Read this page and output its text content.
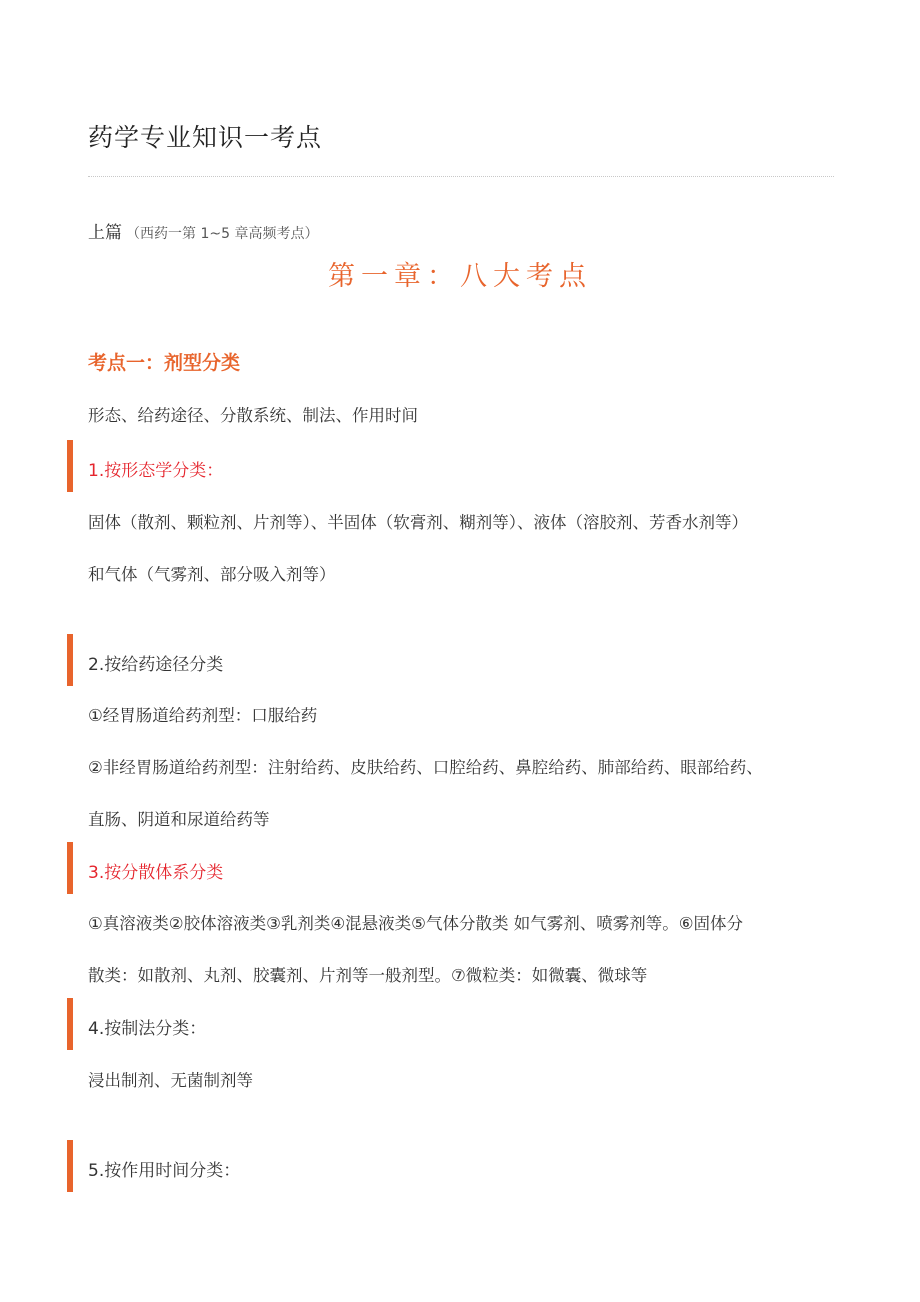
药学专业知识一考点
上篇 （西药一第 1~5 章高频考点）
第一章：八大考点
考点一：剂型分类
形态、给药途径、分散系统、制法、作用时间
1.按形态学分类：
固体（散剂、颗粒剂、片剂等）、半固体（软膏剂、糊剂等）、液体（溶胶剂、芳香水剂等）
和气体（气雾剂、部分吸入剂等）
2.按给药途径分类
①经胃肠道给药剂型：口服给药
②非经胃肠道给药剂型：注射给药、皮肤给药、口腔给药、鼻腔给药、肺部给药、眼部给药、
直肠、阴道和尿道给药等
3.按分散体系分类
①真溶液类②胶体溶液类③乳剂类④混悬液类⑤气体分散类 如气雾剂、喷雾剂等。⑥固体分
散类：如散剂、丸剂、胶囊剂、片剂等一般剂型。⑦微粒类：如微囊、微球等
4.按制法分类：
浸出制剂、无菌制剂等
5.按作用时间分类：
